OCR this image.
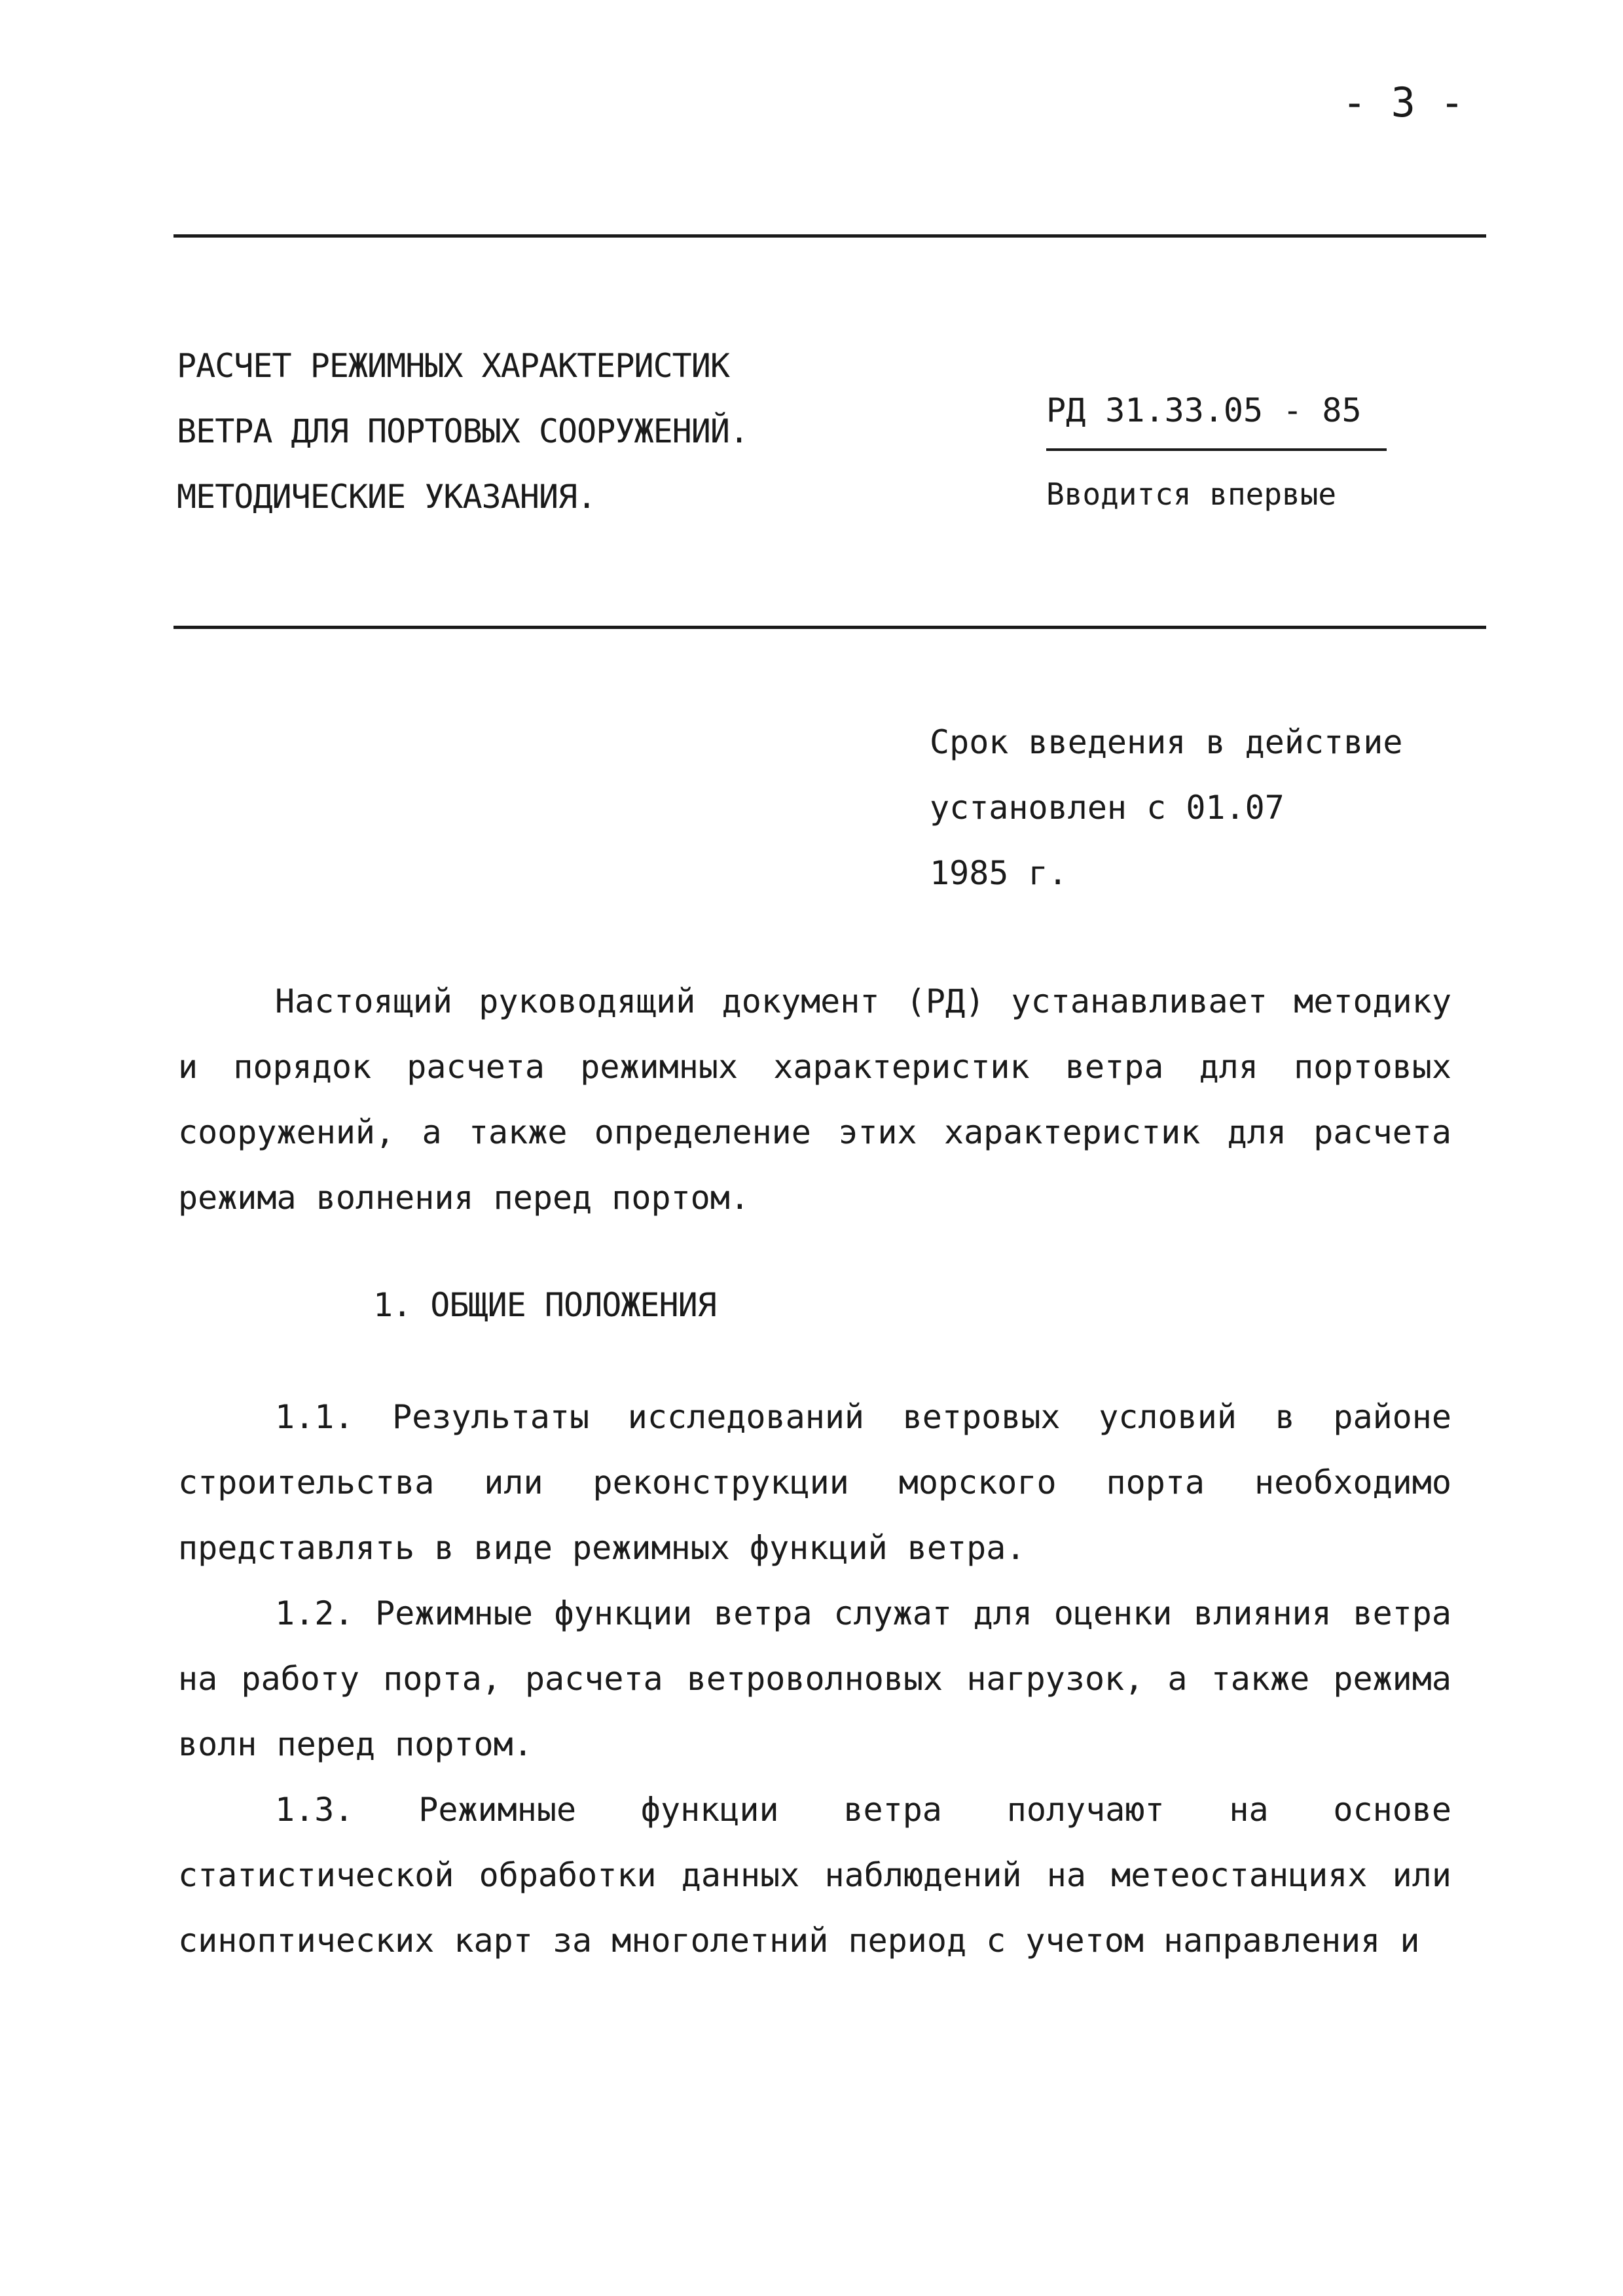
- 3 -
РАСЧЕТ РЕЖИМНЫХ ХАРАКТЕРИСТИК
ВЕТРА ДЛЯ ПОРТОВЫХ СООРУЖЕНИЙ.
МЕТОДИЧЕСКИЕ УКАЗАНИЯ.
РД 31.33.05 - 85
Вводится впервые
Срок введения в действие
установлен с 01.07
1985 г.
Настоящий руководящий документ (РД) устанавливает методику и порядок расчета режимных характеристик ветра для портовых сооружений, а также определение этих характеристик для расчета режима волнения перед портом.
1. ОБЩИЕ ПОЛОЖЕНИЯ
1.1. Результаты исследований ветровых условий в районе строительства или реконструкции морского порта необходимо представлять в виде режимных функций ветра.
1.2. Режимные функции ветра служат для оценки влияния ветра на работу порта, расчета ветроволновых нагрузок, а также режима волн перед портом.
1.3. Режимные функции ветра получают на основе статистической обработки данных наблюдений на метеостанциях или синоптических карт за многолетний период с учетом направления и
